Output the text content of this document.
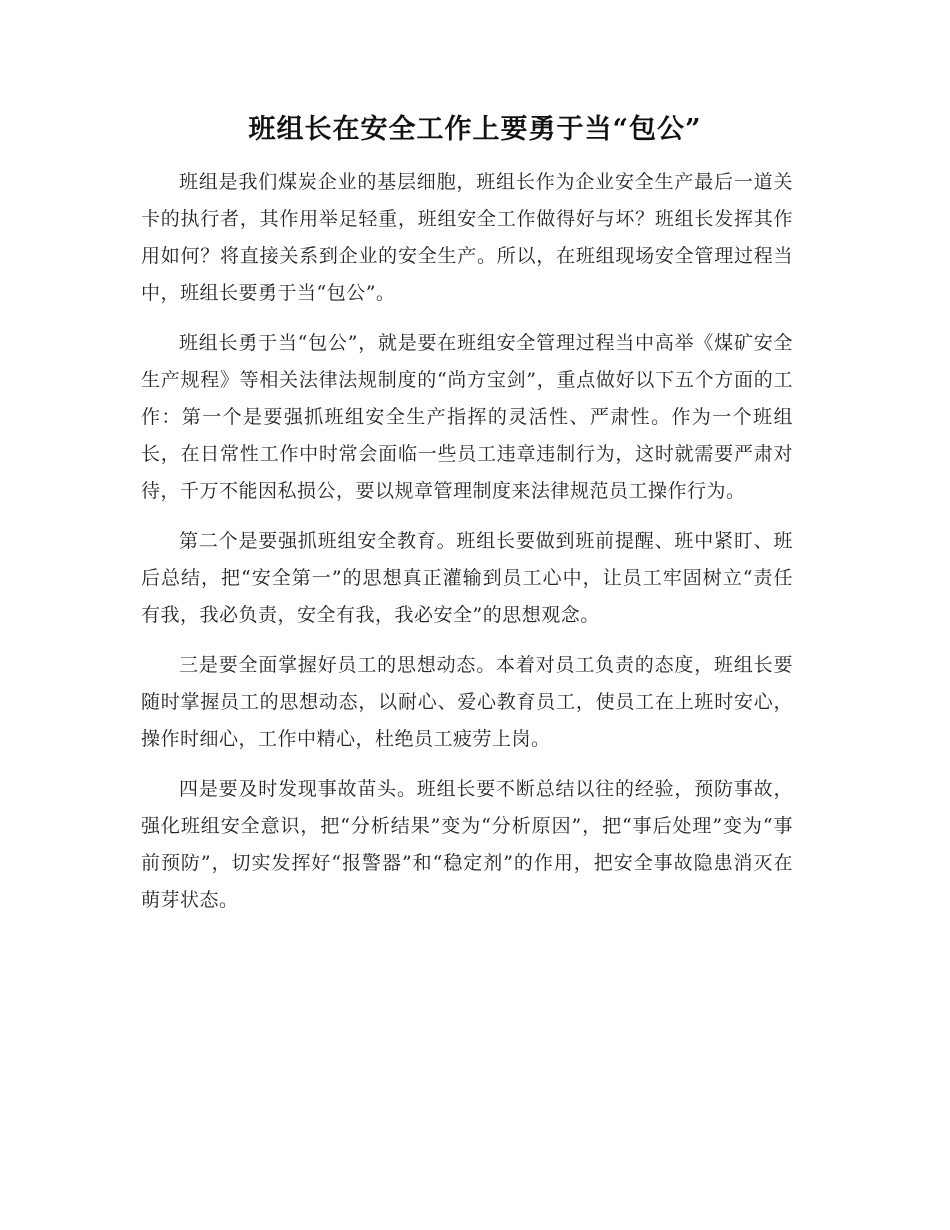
班组长在安全工作上要勇于当“包公”

班组是我们煤炭企业的基层细胞，班组长作为企业安全生产最后一道关卡的执行者，其作用举足轻重，班组安全工作做得好与坏？班组长发挥其作用如何？将直接关系到企业的安全生产。所以，在班组现场安全管理过程当中，班组长要勇于当“包公”。

班组长勇于当“包公”，就是要在班组安全管理过程当中高举《煤矿安全生产规程》等相关法律法规制度的“尚方宝剑”，重点做好以下五个方面的工作：第一个是要强抓班组安全生产指挥的灵活性、严肃性。作为一个班组长，在日常性工作中时常会面临一些员工违章违制行为，这时就需要严肃对待，千万不能因私损公，要以规章管理制度来法律规范员工操作行为。

第二个是要强抓班组安全教育。班组长要做到班前提醒、班中紧盯、班后总结，把“安全第一”的思想真正灌输到员工心中，让员工牢固树立“责任有我，我必负责，安全有我，我必安全”的思想观念。

三是要全面掌握好员工的思想动态。本着对员工负责的态度，班组长要随时掌握员工的思想动态，以耐心、爱心教育员工，使员工在上班时安心，操作时细心，工作中精心，杜绝员工疲劳上岗。

四是要及时发现事故苗头。班组长要不断总结以往的经验，预防事故，强化班组安全意识，把“分析结果”变为“分析原因”，把“事后处理”变为“事前预防”，切实发挥好“报警器”和“稳定剂”的作用，把安全事故隐患消灭在萌芽状态。
